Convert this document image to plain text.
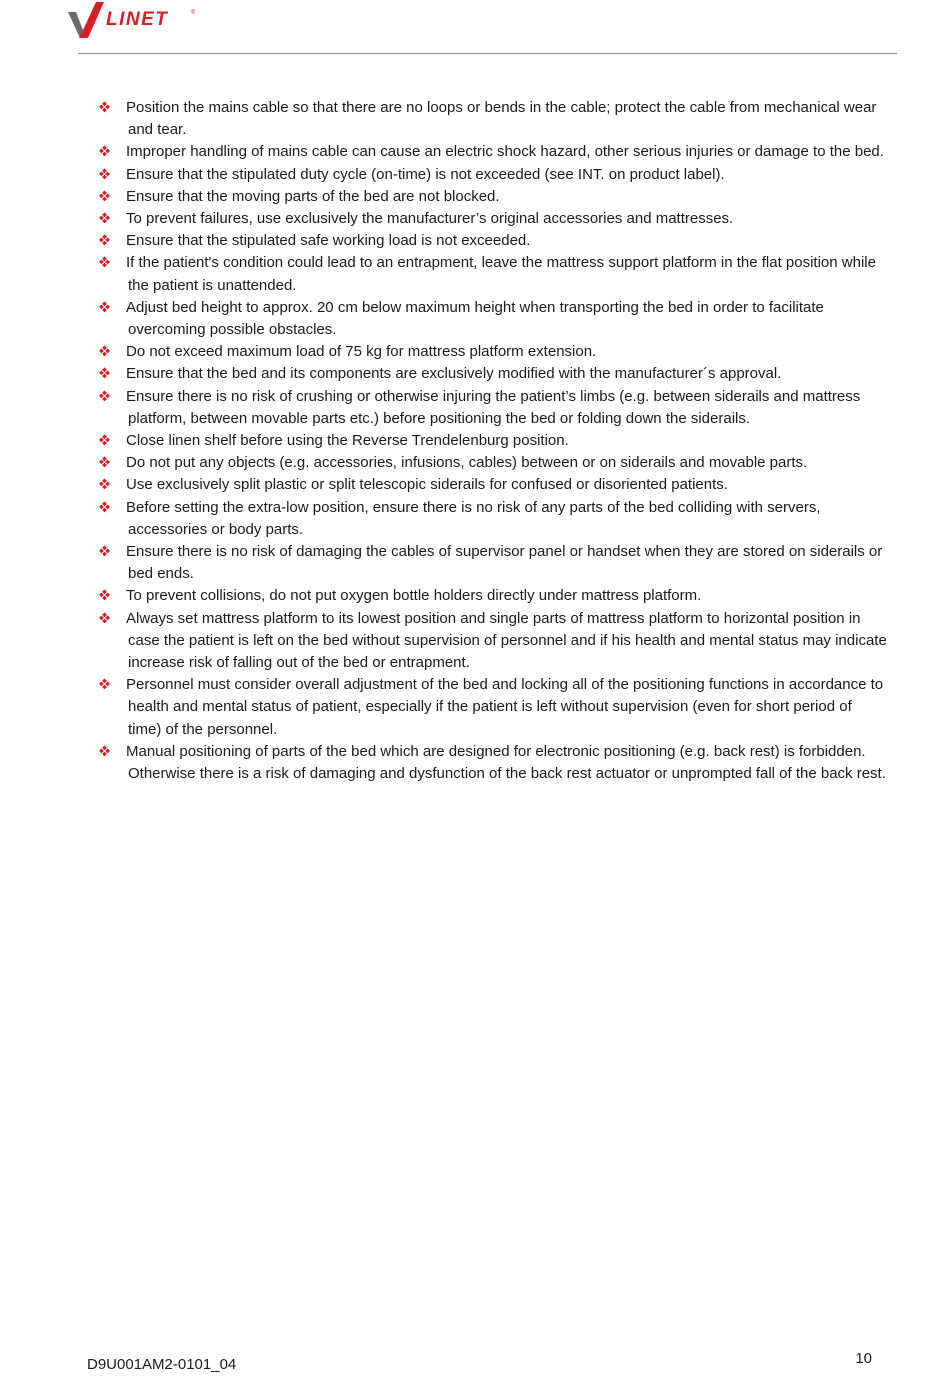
LINET	®
Position the mains cable so that there are no loops or bends in the cable; protect the cable from mechanical wear and tear.
Improper handling of mains cable can cause an electric shock hazard, other serious injuries or damage to the bed.
Ensure that the stipulated duty cycle (on-time) is not exceeded (see INT. on product label).
Ensure that the moving parts of the bed are not blocked.
To prevent failures, use exclusively the manufacturer’s original accessories and mattresses.
Ensure that the stipulated safe working load is not exceeded.
If the patient's condition could lead to an entrapment, leave the mattress support platform in the flat position while the patient is unattended.
Adjust bed height to approx. 20 cm below maximum height when transporting the bed in order to facilitate overcoming possible obstacles.
Do not exceed maximum load of 75 kg for mattress platform extension.
Ensure that the bed and its components are exclusively modified with the manufacturer´s approval.
Ensure there is no risk of crushing or otherwise injuring the patient’s limbs (e.g. between siderails and mattress platform, between movable parts etc.) before positioning the bed or folding down the siderails.
Close linen shelf before using the Reverse Trendelenburg position.
Do not put any objects (e.g. accessories, infusions, cables) between or on siderails and movable parts.
Use exclusively split plastic or split telescopic siderails for confused or disoriented patients.
Before setting the extra-low position, ensure there is no risk of any parts of the bed colliding with servers, accessories or body parts.
Ensure there is no risk of damaging the cables of supervisor panel or handset when they are stored on siderails or bed ends.
To prevent collisions, do not put oxygen bottle holders directly under mattress platform.
Always set mattress platform to its lowest position and single parts of mattress platform to horizontal position in case the patient is left on the bed without supervision of personnel and if his health and mental status may indicate increase risk of falling out of the bed or entrapment.
Personnel must consider overall adjustment of the bed and locking all of the positioning functions in accordance to health and mental status of patient, especially if the patient is left without supervision (even for short period of time) of the personnel.
Manual positioning of parts of the bed which are designed for electronic positioning (e.g. back rest) is forbidden. Otherwise there is a risk of damaging and dysfunction of the back rest actuator or unprompted fall of the back rest.
D9U001AM2-0101_04	10
